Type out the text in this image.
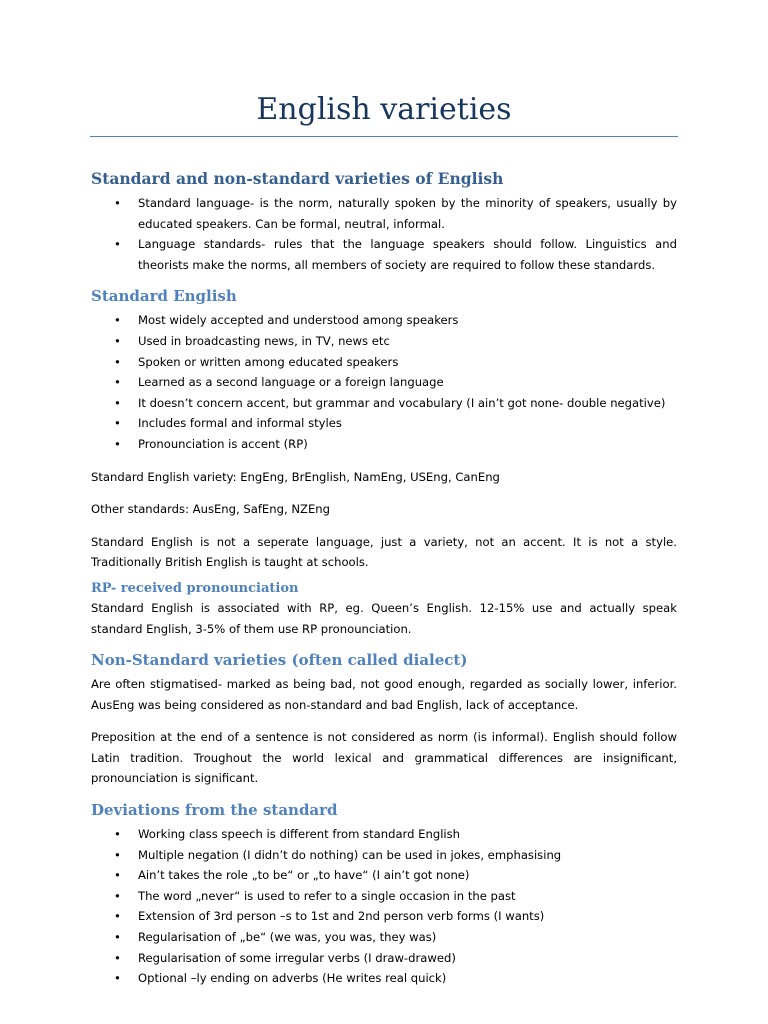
English varieties
Standard and non-standard varieties of English
• Standard language- is the norm, naturally spoken by the minority of speakers, usually by educated speakers. Can be formal, neutral, informal.
• Language standards- rules that the language speakers should follow. Linguistics and theorists make the norms, all members of society are required to follow these standards.
Standard English
• Most widely accepted and understood among speakers
• Used in broadcasting news, in TV, news etc
• Spoken or written among educated speakers
• Learned as a second language or a foreign language
• It doesn’t concern accent, but grammar and vocabulary (I ain’t got none- double negative)
• Includes formal and informal styles
• Pronounciation is accent (RP)

Standard English variety: EngEng, BrEnglish, NamEng, USEng, CanEng

Other standards: AusEng, SafEng, NZEng

Standard English is not a seperate language, just a variety, not an accent. It is not a style. Traditionally British English is taught at schools.

RP- received pronounciation

Standard English is associated with RP, eg. Queen’s English. 12-15% use and actually speak standard English, 3-5% of them use RP pronounciation.

Non-Standard varieties (often called dialect)

Are often stigmatised- marked as being bad, not good enough, regarded as socially lower, inferior. AusEng was being considered as non-standard and bad English, lack of acceptance.

Preposition at the end of a sentence is not considered as norm (is informal). English should follow Latin tradition. Troughout the world lexical and grammatical differences are insignificant, pronounciation is significant.

Deviations from the standard
• Working class speech is different from standard English
• Multiple negation (I didn’t do nothing) can be used in jokes, emphasising
• Ain’t takes the role „to be“ or „to have“ (I ain’t got none)
• The word „never“ is used to refer to a single occasion in the past
• Extension of 3rd person –s to 1st and 2nd person verb forms (I wants)
• Regularisation of „be“ (we was, you was, they was)
• Regularisation of some irregular verbs (I draw-drawed)
• Optional –ly ending on adverbs (He writes real quick)
